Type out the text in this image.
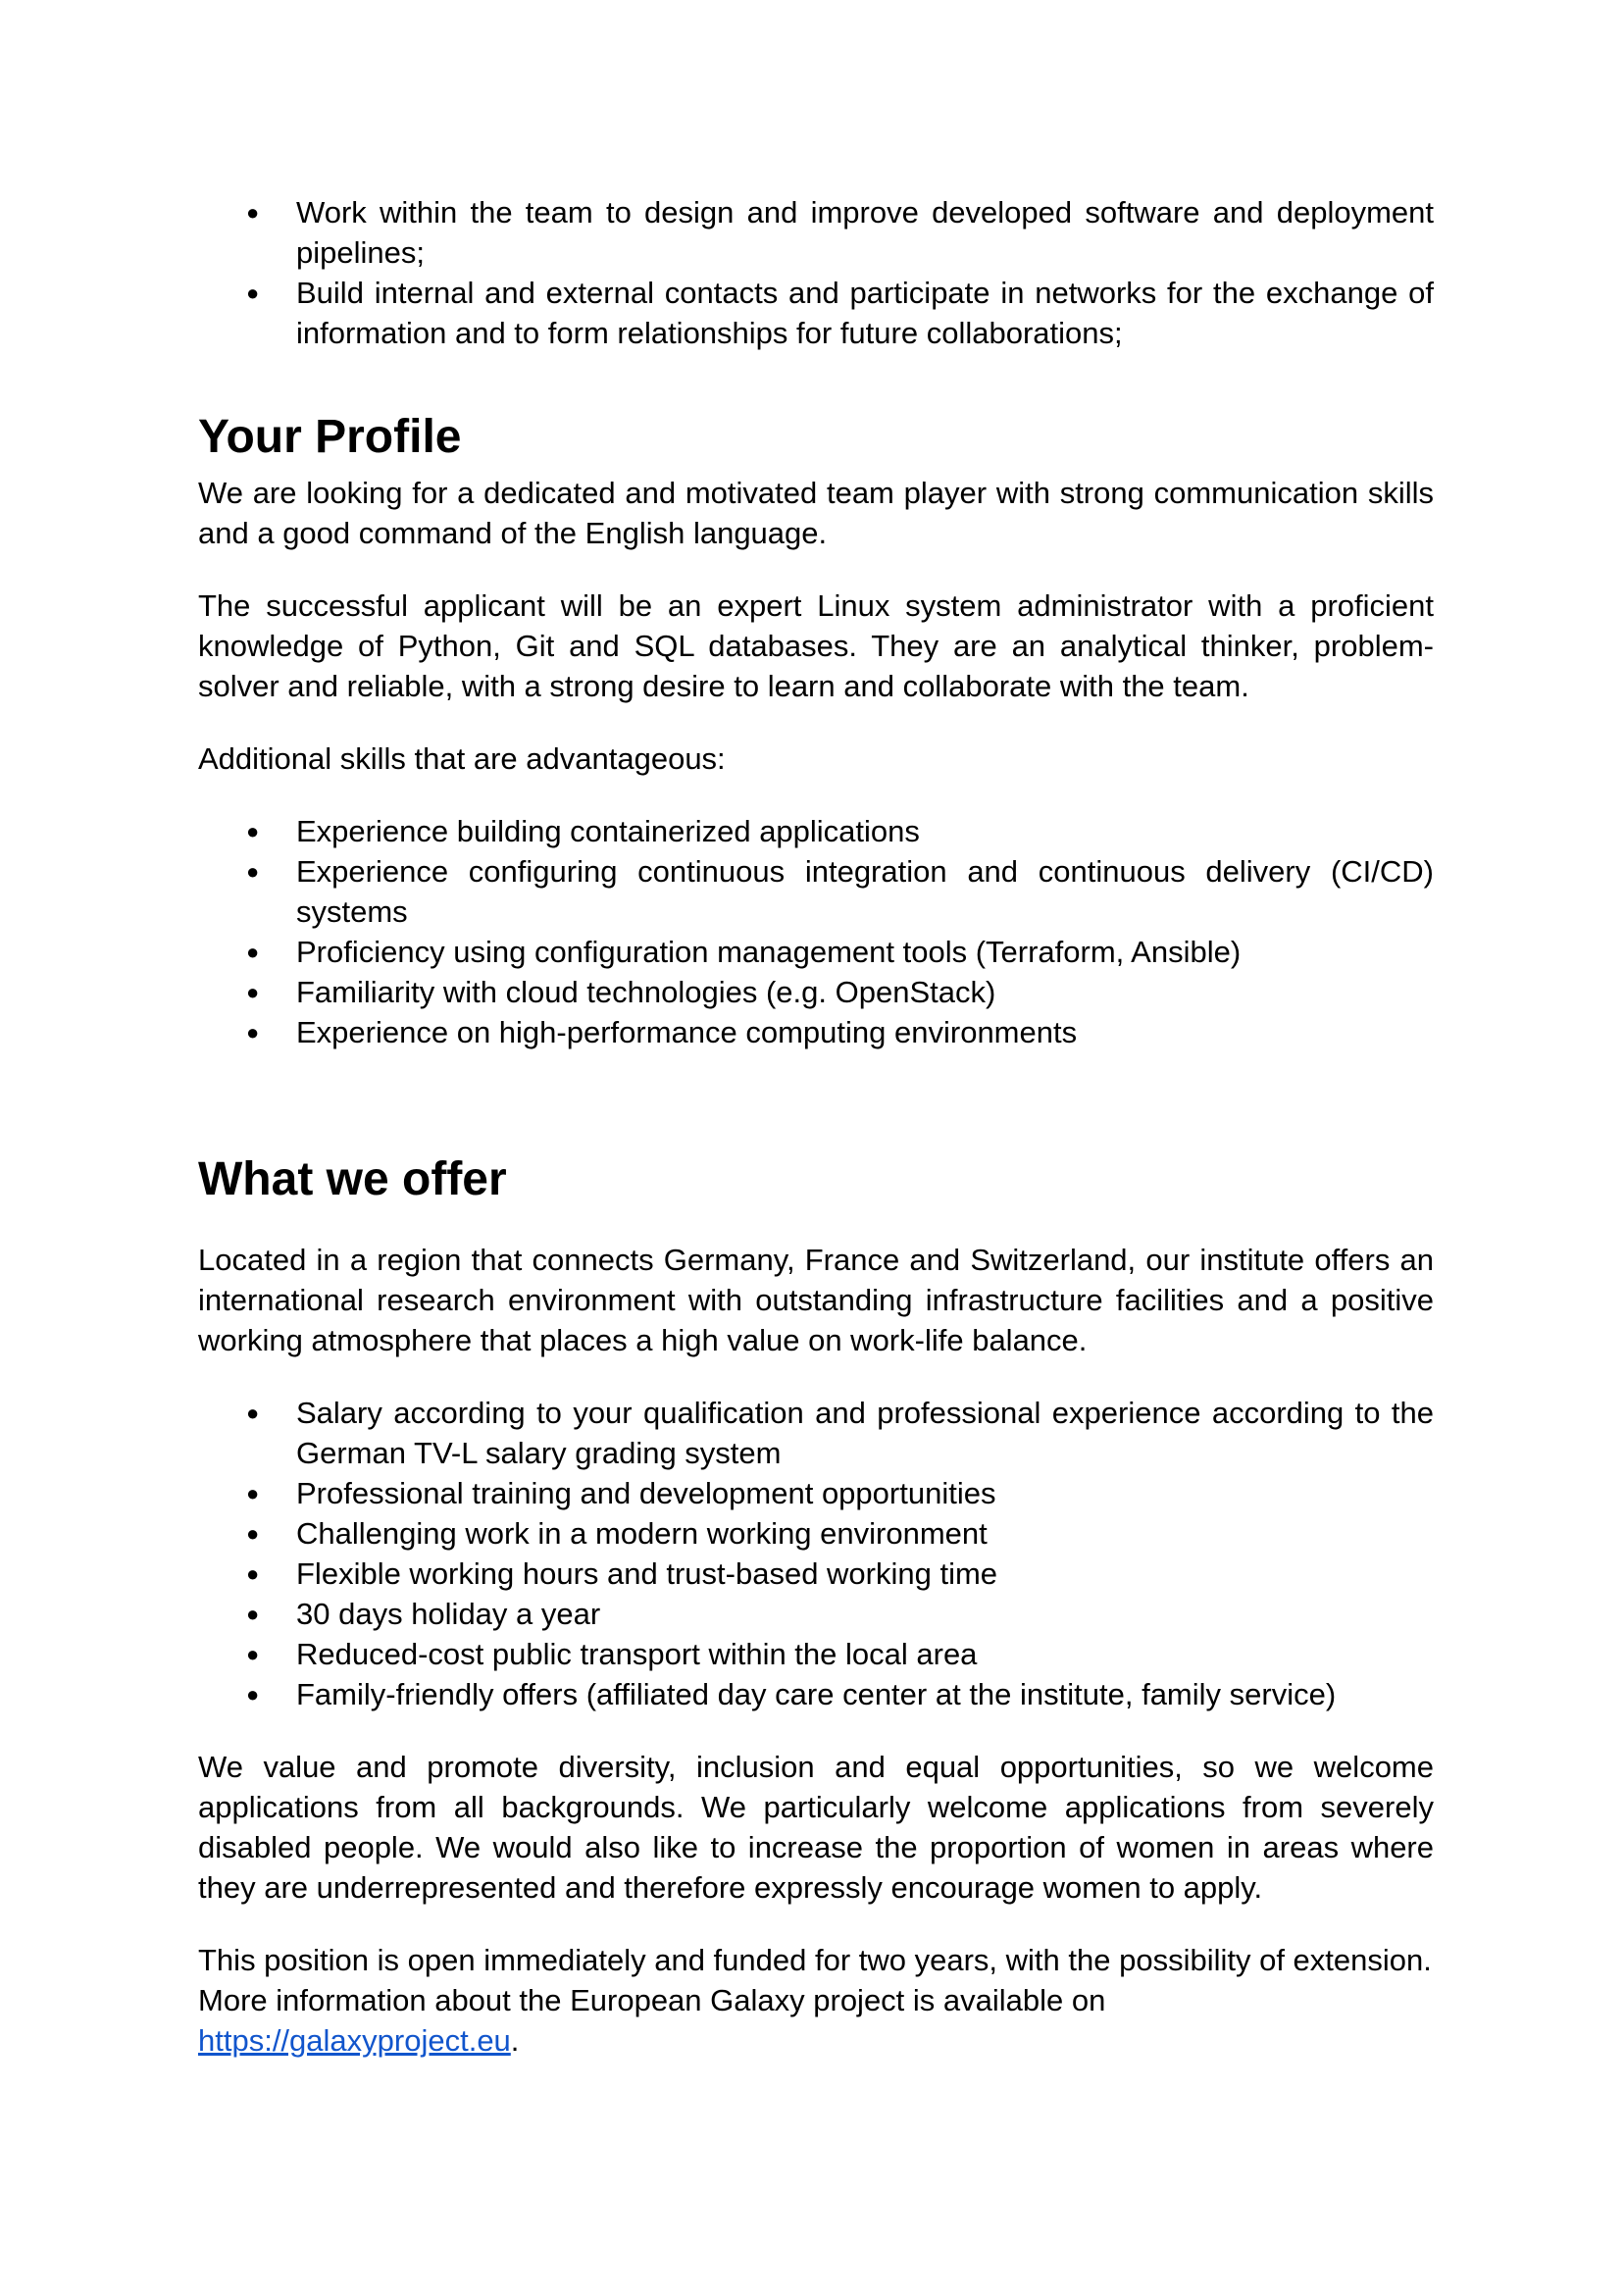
● Work within the team to design and improve developed software and deployment pipelines;
● Build internal and external contacts and participate in networks for the exchange of information and to form relationships for future collaborations;
Your Profile

We are looking for a dedicated and motivated team player with strong communication skills and a good command of the English language.

The successful applicant will be an expert Linux system administrator with a proficient knowledge of Python, Git and SQL databases. They are an analytical thinker, problem-solver and reliable, with a strong desire to learn and collaborate with the team.

Additional skills that are advantageous:

● Experience building containerized applications
● Experience configuring continuous integration and continuous delivery (CI/CD) systems
● Proficiency using configuration management tools (Terraform, Ansible)
● Familiarity with cloud technologies (e.g. OpenStack)
● Experience on high-performance computing environments
What we offer

Located in a region that connects Germany, France and Switzerland, our institute offers an international research environment with outstanding infrastructure facilities and a positive working atmosphere that places a high value on work-life balance.

● Salary according to your qualification and professional experience according to the German TV-L salary grading system
● Professional training and development opportunities
● Challenging work in a modern working environment
● Flexible working hours and trust-based working time
● 30 days holiday a year
● Reduced-cost public transport within the local area
● Family-friendly offers (affiliated day care center at the institute, family service)

We value and promote diversity, inclusion and equal opportunities, so we welcome applications from all backgrounds. We particularly welcome applications from severely disabled people. We would also like to increase the proportion of women in areas where they are underrepresented and therefore expressly encourage women to apply.

This position is open immediately and funded for two years, with the possibility of extension.
More information about the European Galaxy project is available on https://galaxyproject.eu.
